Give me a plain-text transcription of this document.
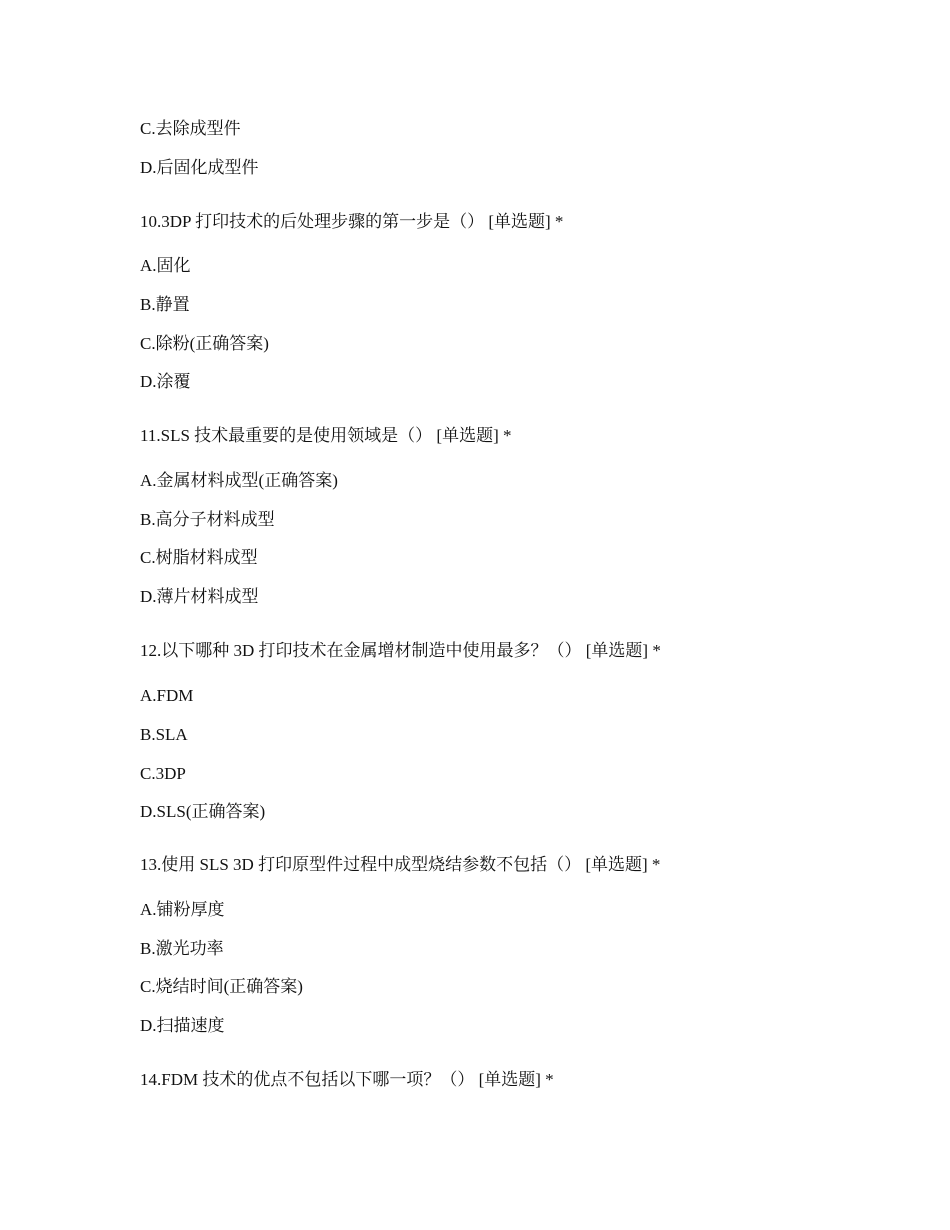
C.去除成型件
D.后固化成型件
10.3DP 打印技术的后处理步骤的第一步是（） [单选题] *
A.固化
B.静置
C.除粉(正确答案)
D.涂覆
11.SLS 技术最重要的是使用领域是（） [单选题] *
A.金属材料成型(正确答案)
B.高分子材料成型
C.树脂材料成型
D.薄片材料成型
12.以下哪种 3D 打印技术在金属增材制造中使用最多？（） [单选题] *
A.FDM
B.SLA
C.3DP
D.SLS(正确答案)
13.使用 SLS 3D 打印原型件过程中成型烧结参数不包括（） [单选题] *
A.铺粉厚度
B.激光功率
C.烧结时间(正确答案)
D.扫描速度
14.FDM 技术的优点不包括以下哪一项？（） [单选题] *
